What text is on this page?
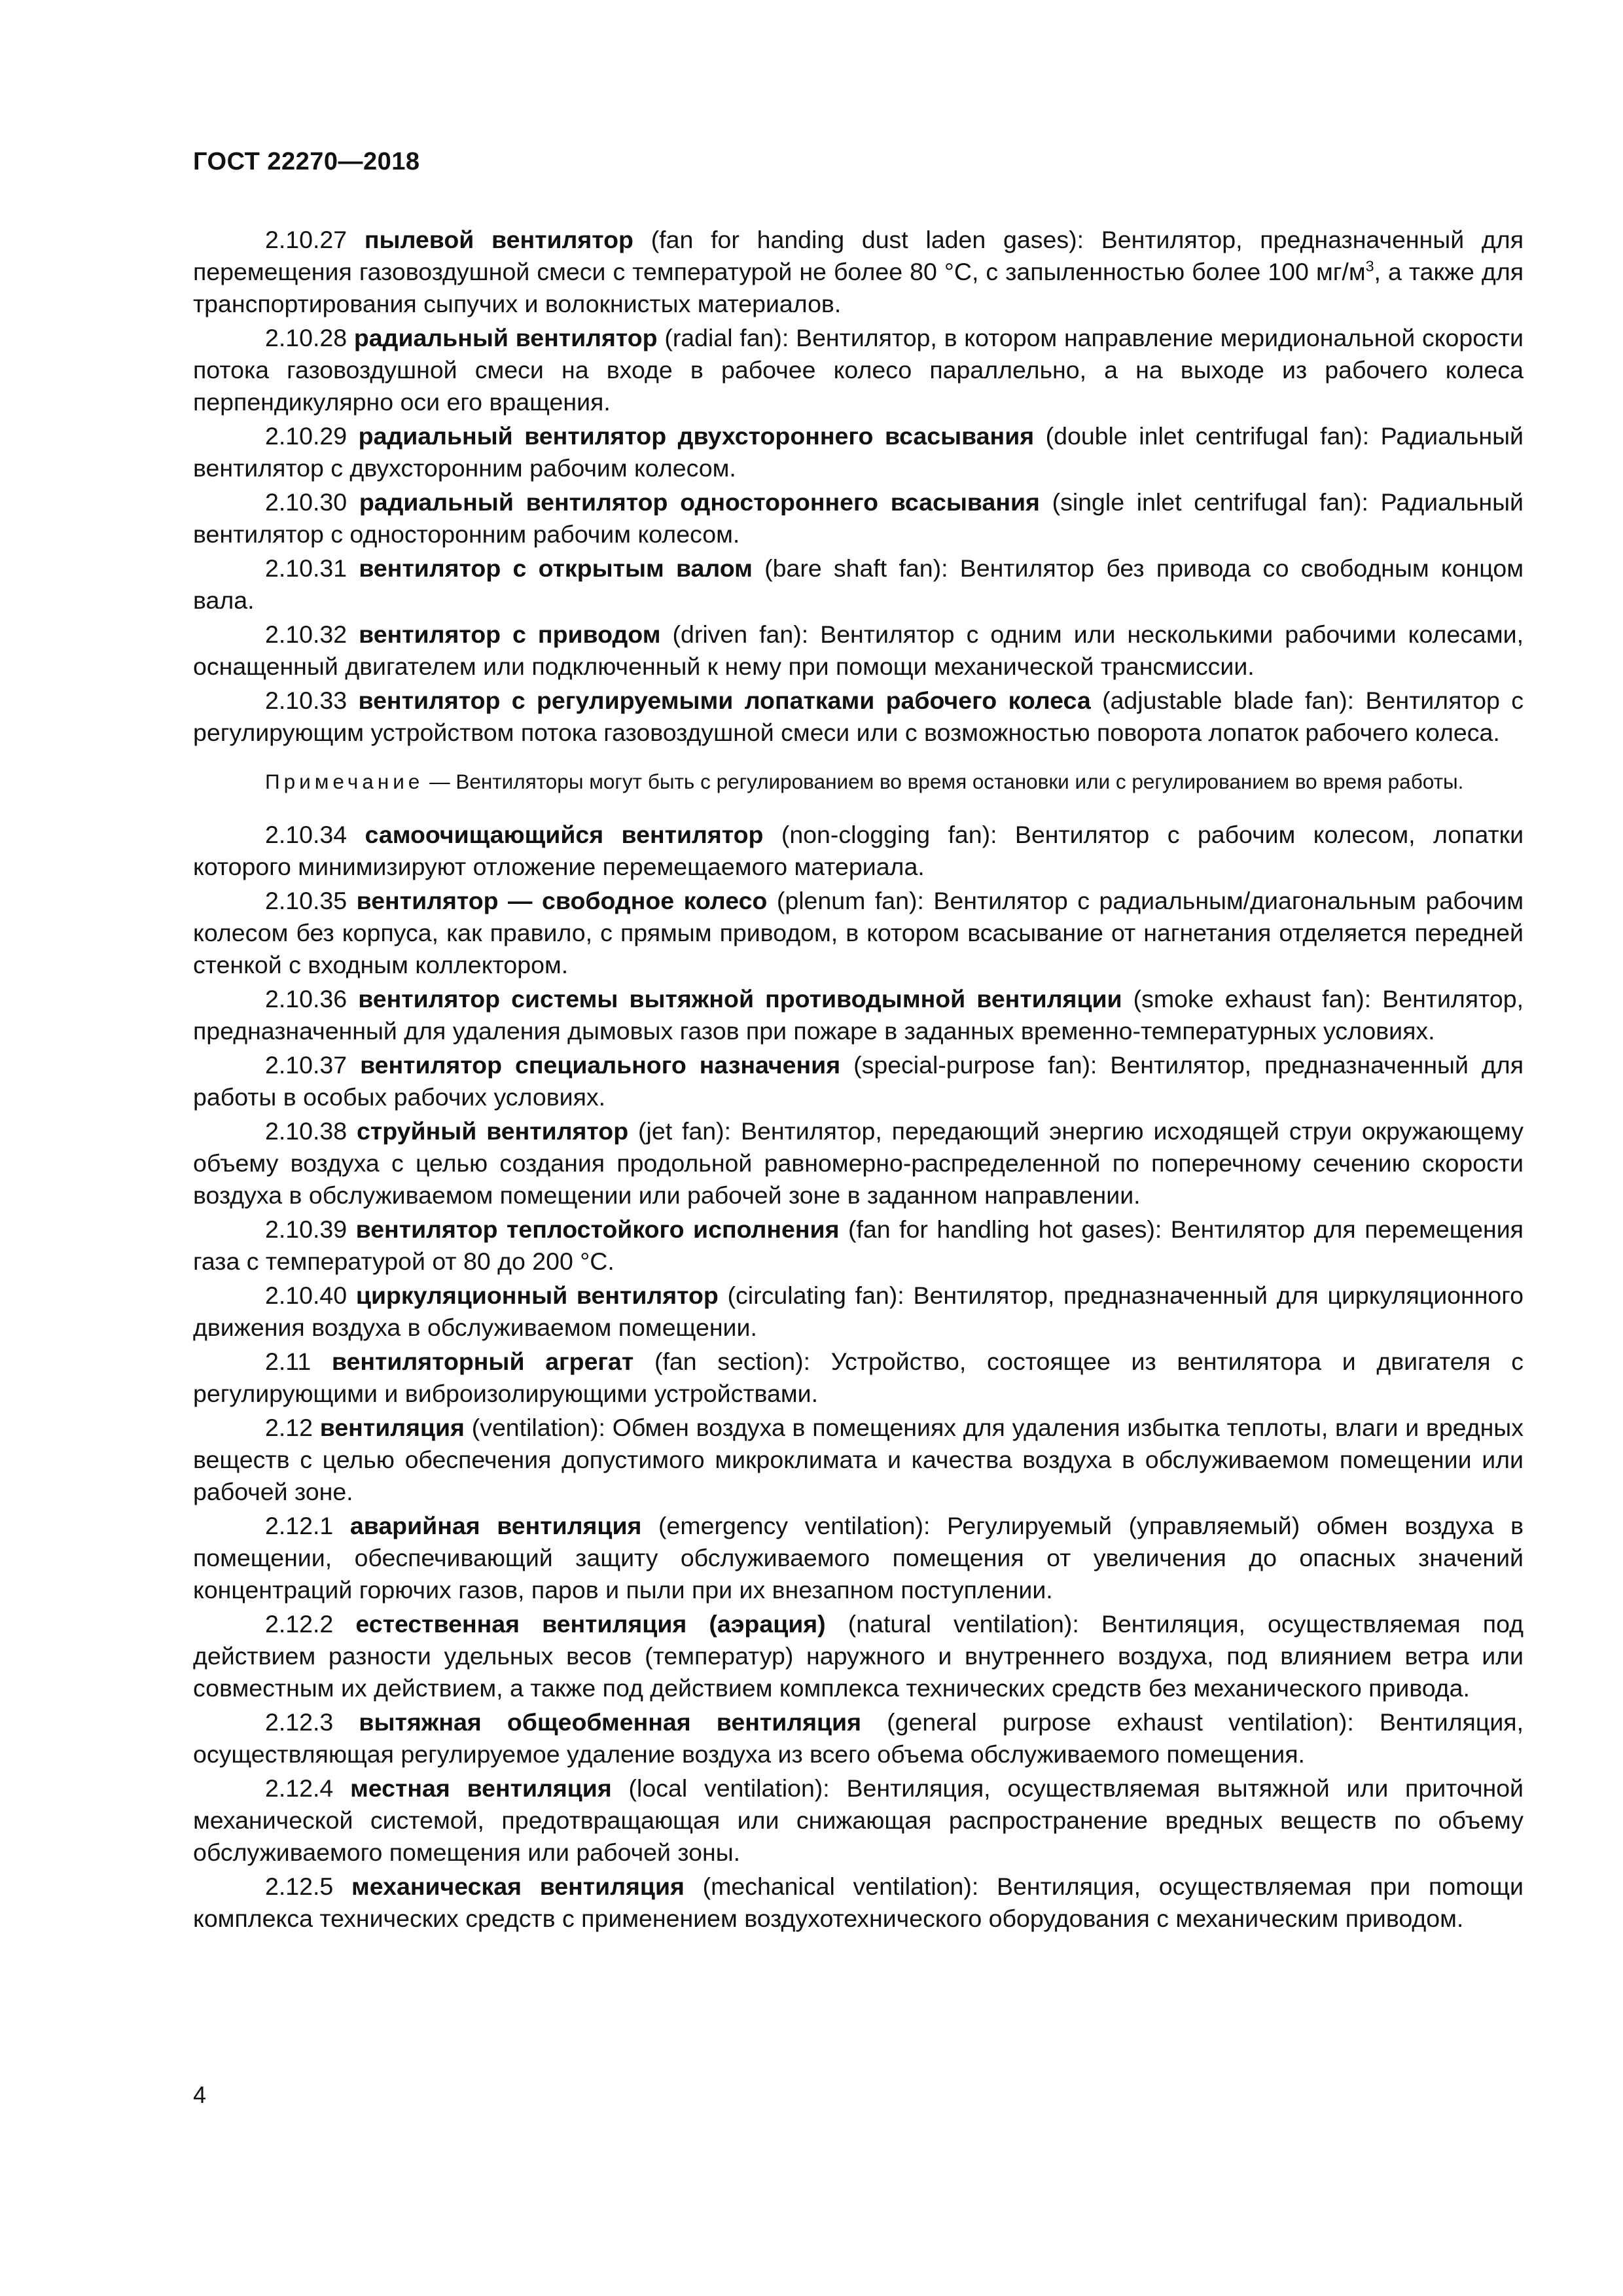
ГОСТ 22270—2018

2.10.27 пылевой вентилятор (fan for handing dust laden gases): Вентилятор, предназначенный для перемещения газовоздушной смеси с температурой не более 80 °С, с запыленностью более 100 $мг/м^3$, а также для транспортирования сыпучих и волокнистых материалов.

2.10.28 радиальный вентилятор (radial fan): Вентилятор, в котором направление меридиональной скорости потока газовоздушной смеси на входе в рабочее колесо параллельно, а на выходе из рабочего колеса перпендикулярно оси его вращения.

2.10.29 радиальный вентилятор двухстороннего всасывания (double inlet centrifugal fan): Радиальный вентилятор с двухсторонним рабочим колесом.

2.10.30 радиальный вентилятор одностороннего всасывания (single inlet centrifugal fan): Радиальный вентилятор с односторонним рабочим колесом.

2.10.31 вентилятор с открытым валом (bare shaft fan): Вентилятор без привода со свободным концом вала.

2.10.32 вентилятор с приводом (driven fan): Вентилятор с одним или несколькими рабочими колесами, оснащенный двигателем или подключенный к нему при помощи механической трансмиссии.

2.10.33 вентилятор с регулируемыми лопатками рабочего колеса (adjustable blade fan): Вентилятор с регулирующим устройством потока газовоздушной смеси или с возможностью поворота лопаток рабочего колеса.

Примечание — Вентиляторы могут быть с регулированием во время остановки или с регулированием во время работы.

2.10.34 самоочищающийся вентилятор (non-clogging fan): Вентилятор с рабочим колесом, лопатки которого минимизируют отложение перемещаемого материала.

2.10.35 вентилятор — свободное колесо (plenum fan): Вентилятор с радиальным/диагональным рабочим колесом без корпуса, как правило, с прямым приводом, в котором всасывание от нагнетания отделяется передней стенкой с входным коллектором.

2.10.36 вентилятор системы вытяжной противодымной вентиляции (smoke exhaust fan): Вентилятор, предназначенный для удаления дымовых газов при пожаре в заданных временно-температурных условиях.

2.10.37 вентилятор специального назначения (special-purpose fan): Вентилятор, предназначенный для работы в особых рабочих условиях.

2.10.38 струйный вентилятор (jet fan): Вентилятор, передающий энергию исходящей струи окружающему объему воздуха с целью создания продольной равномерно-распределенной по поперечному сечению скорости воздуха в обслуживаемом помещении или рабочей зоне в заданном направлении.

2.10.39 вентилятор теплостойкого исполнения (fan for handling hot gases): Вентилятор для перемещения газа с температурой от 80 до 200 °С.

2.10.40 циркуляционный вентилятор (circulating fan): Вентилятор, предназначенный для циркуляционного движения воздуха в обслуживаемом помещении.

2.11 вентиляторный агрегат (fan section): Устройство, состоящее из вентилятора и двигателя с регулирующими и виброизолирующими устройствами.

2.12 вентиляция (ventilation): Обмен воздуха в помещениях для удаления избытка теплоты, влаги и вредных веществ с целью обеспечения допустимого микроклимата и качества воздуха в обслуживаемом помещении или рабочей зоне.

2.12.1 аварийная вентиляция (emergency ventilation): Регулируемый (управляемый) обмен воздуха в помещении, обеспечивающий защиту обслуживаемого помещения от увеличения до опасных значений концентраций горючих газов, паров и пыли при их внезапном поступлении.

2.12.2 естественная вентиляция (аэрация) (natural ventilation): Вентиляция, осуществляемая под действием разности удельных весов (температур) наружного и внутреннего воздуха, под влиянием ветра или совместным их действием, а также под действием комплекса технических средств без механического привода.

2.12.3 вытяжная общеобменная вентиляция (general purpose exhaust ventilation): Вентиляция, осуществляющая регулируемое удаление воздуха из всего объема обслуживаемого помещения.

2.12.4 местная вентиляция (local ventilation): Вентиляция, осуществляемая вытяжной или приточной механической системой, предотвращающая или снижающая распространение вредных веществ по объему обслуживаемого помещения или рабочей зоны.

2.12.5 механическая вентиляция (mechanical ventilation): Вентиляция, осуществляемая при поmощи комплекса технических средств с применением воздухотехнического оборудования с механическим приводом.

4
